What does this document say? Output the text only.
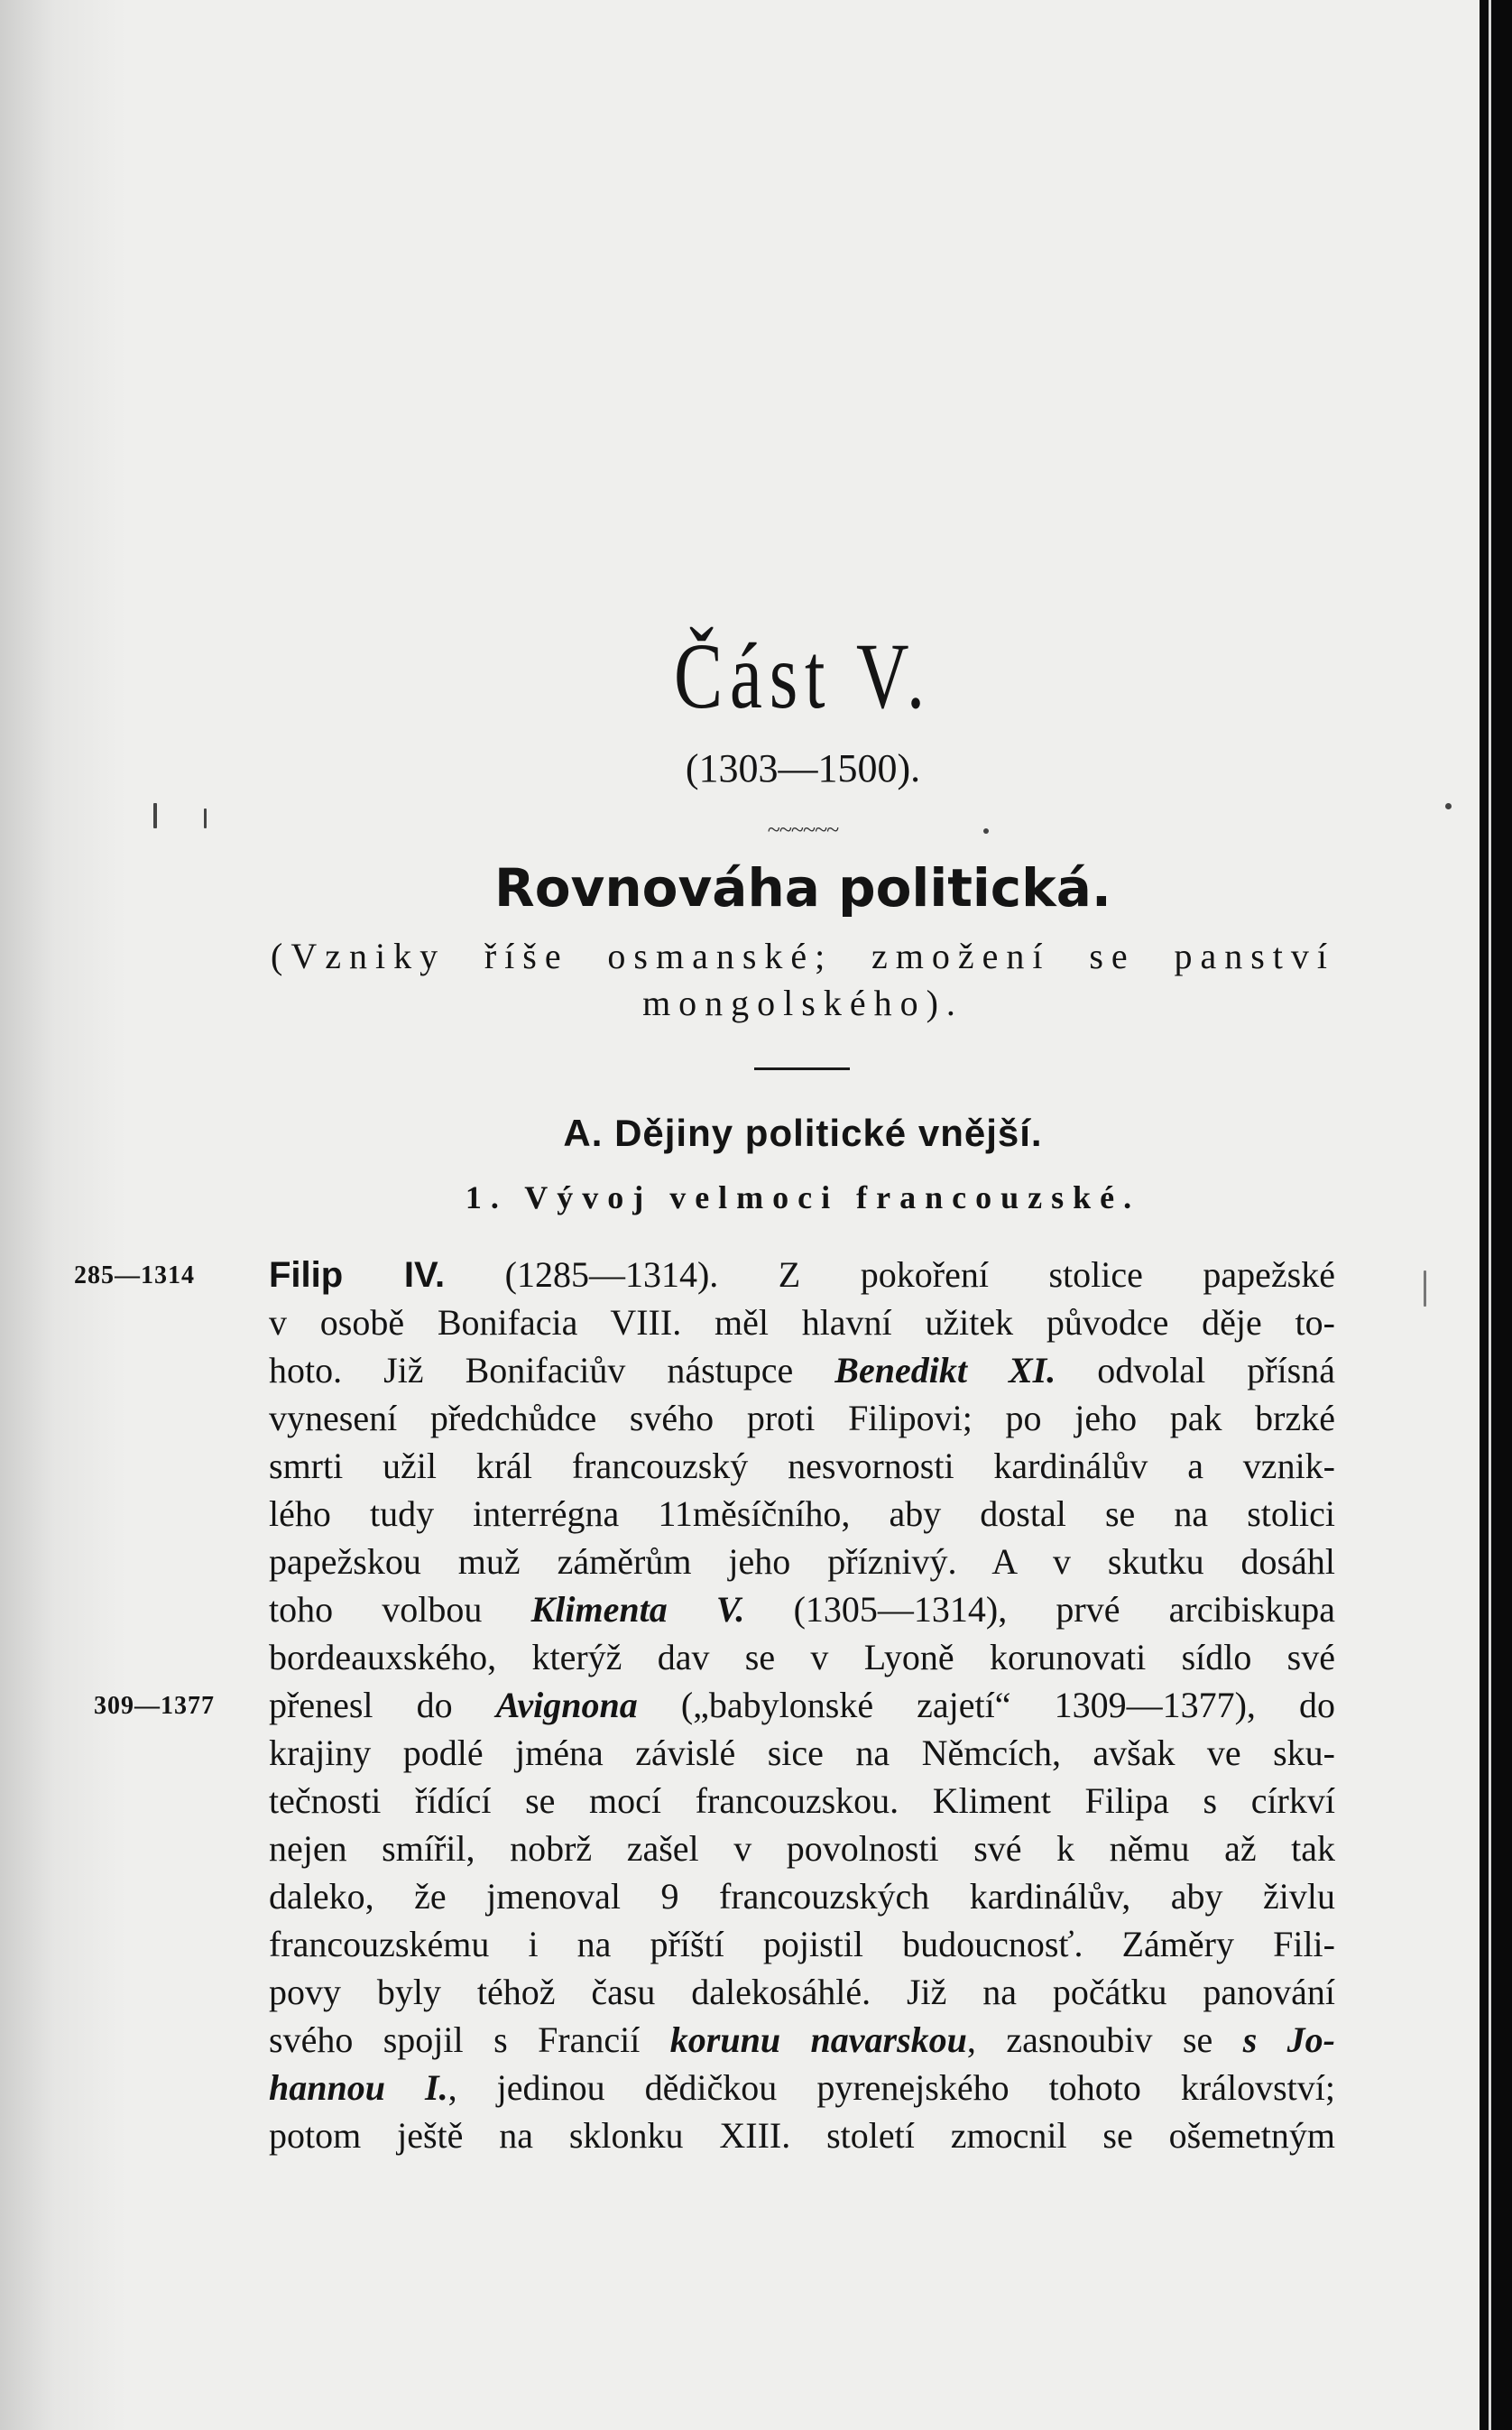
Část V.
(1303—1500).
~~~~~~
Rovnováha politická.
(Vzniky říše osmanské; zmožení se panství
mongolského).
A. Dějiny politické vnější.
1. Vývoj velmoci francouzské.
285—1314
309—1377
Filip IV. (1285—1314). Z pokoření stolice papežské
v osobě Bonifacia VIII. měl hlavní užitek původce děje to-
hoto. Již Bonifaciův nástupce Benedikt XI. odvolal přísná
vynesení předchůdce svého proti Filipovi; po jeho pak brzké
smrti užil král francouzský nesvornosti kardinálův a vznik-
lého tudy interrégna 11měsíčního, aby dostal se na stolici
papežskou muž záměrům jeho příznivý. A v skutku dosáhl
toho volbou Klimenta V. (1305—1314), prvé arcibiskupa
bordeauxského, kterýž dav se v Lyoně korunovati sídlo své
přenesl do Avignona („babylonské zajetí“ 1309—1377), do
krajiny podlé jména závislé sice na Němcích, avšak ve sku-
tečnosti řídící se mocí francouzskou. Kliment Filipa s církví
nejen smířil, nobrž zašel v povolnosti své k němu až tak
daleko, že jmenoval 9 francouzských kardinálův, aby živlu
francouzskému i na příští pojistil budoucnosť. Záměry Fili-
povy byly téhož času dalekosáhlé. Již na počátku panování
svého spojil s Francií korunu navarskou, zasnoubiv se s Jo-
hannou I., jedinou dědičkou pyrenejského tohoto království;
potom ještě na sklonku XIII. století zmocnil se ošemetným
